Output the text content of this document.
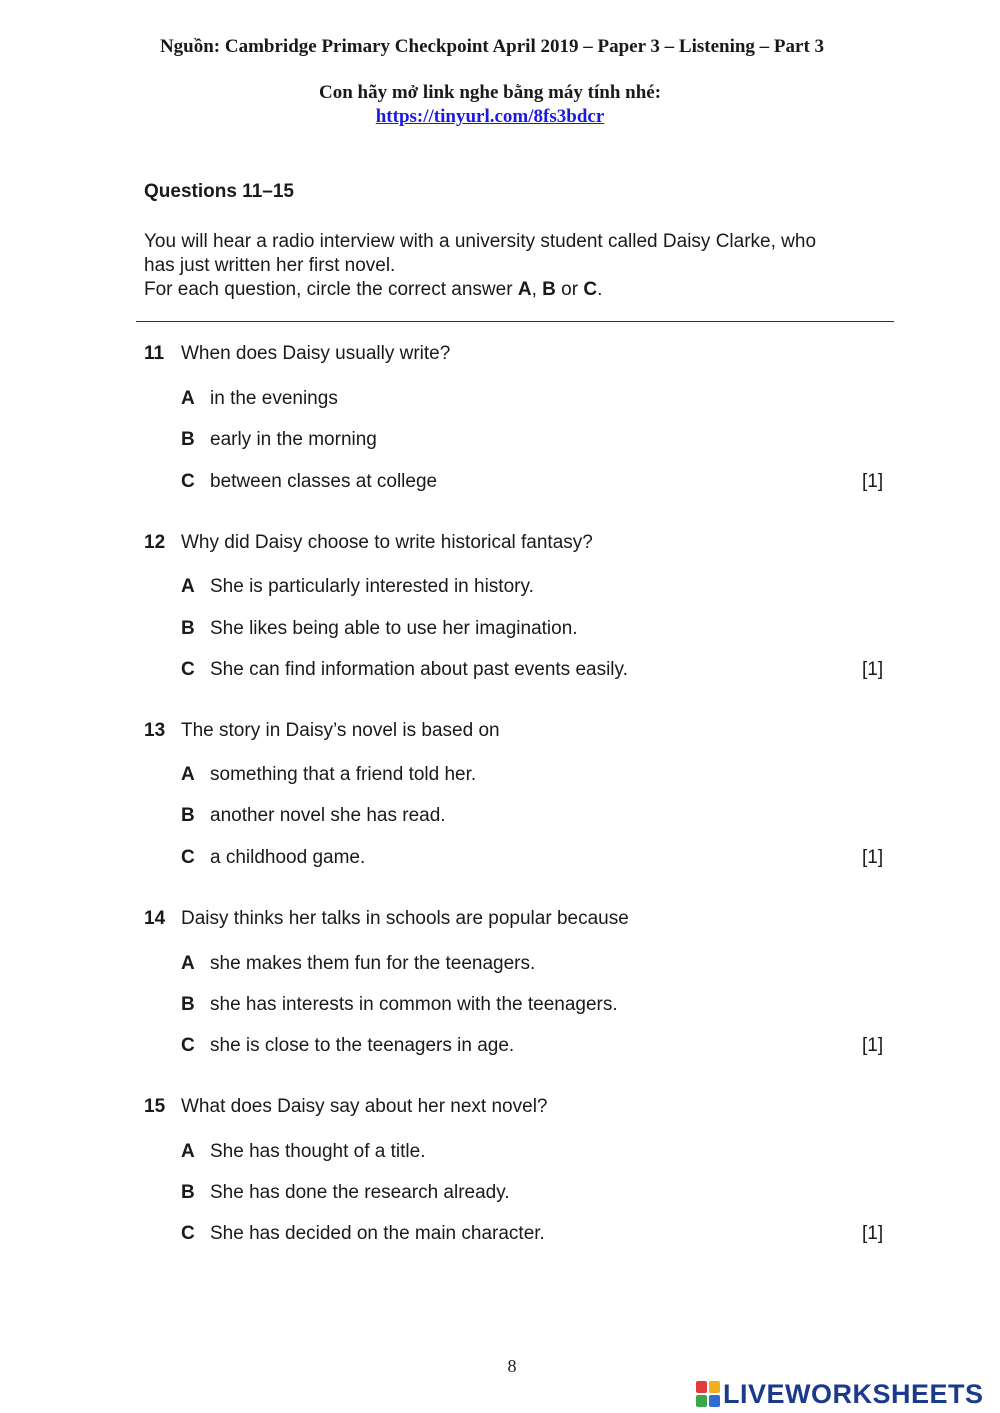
Nguồn: Cambridge Primary Checkpoint April 2019 – Paper 3 – Listening – Part 3
Con hãy mở link nghe bằng máy tính nhé:
https://tinyurl.com/8fs3bdcr
Questions 11–15
You will hear a radio interview with a university student called Daisy Clarke, who
has just written her first novel.
For each question, circle the correct answer A, B or C.
11 When does Daisy usually write?
A in the evenings
B early in the morning
C between classes at college	[1]
12 Why did Daisy choose to write historical fantasy?
A She is particularly interested in history.
B She likes being able to use her imagination.
C She can find information about past events easily.	[1]
13 The story in Daisy’s novel is based on
A something that a friend told her.
B another novel she has read.
C a childhood game.	[1]
14 Daisy thinks her talks in schools are popular because
A she makes them fun for the teenagers.
B she has interests in common with the teenagers.
C she is close to the teenagers in age.	[1]
15 What does Daisy say about her next novel?
A She has thought of a title.
B She has done the research already.
C She has decided on the main character.	[1]
8
LIVEWORKSHEETS
